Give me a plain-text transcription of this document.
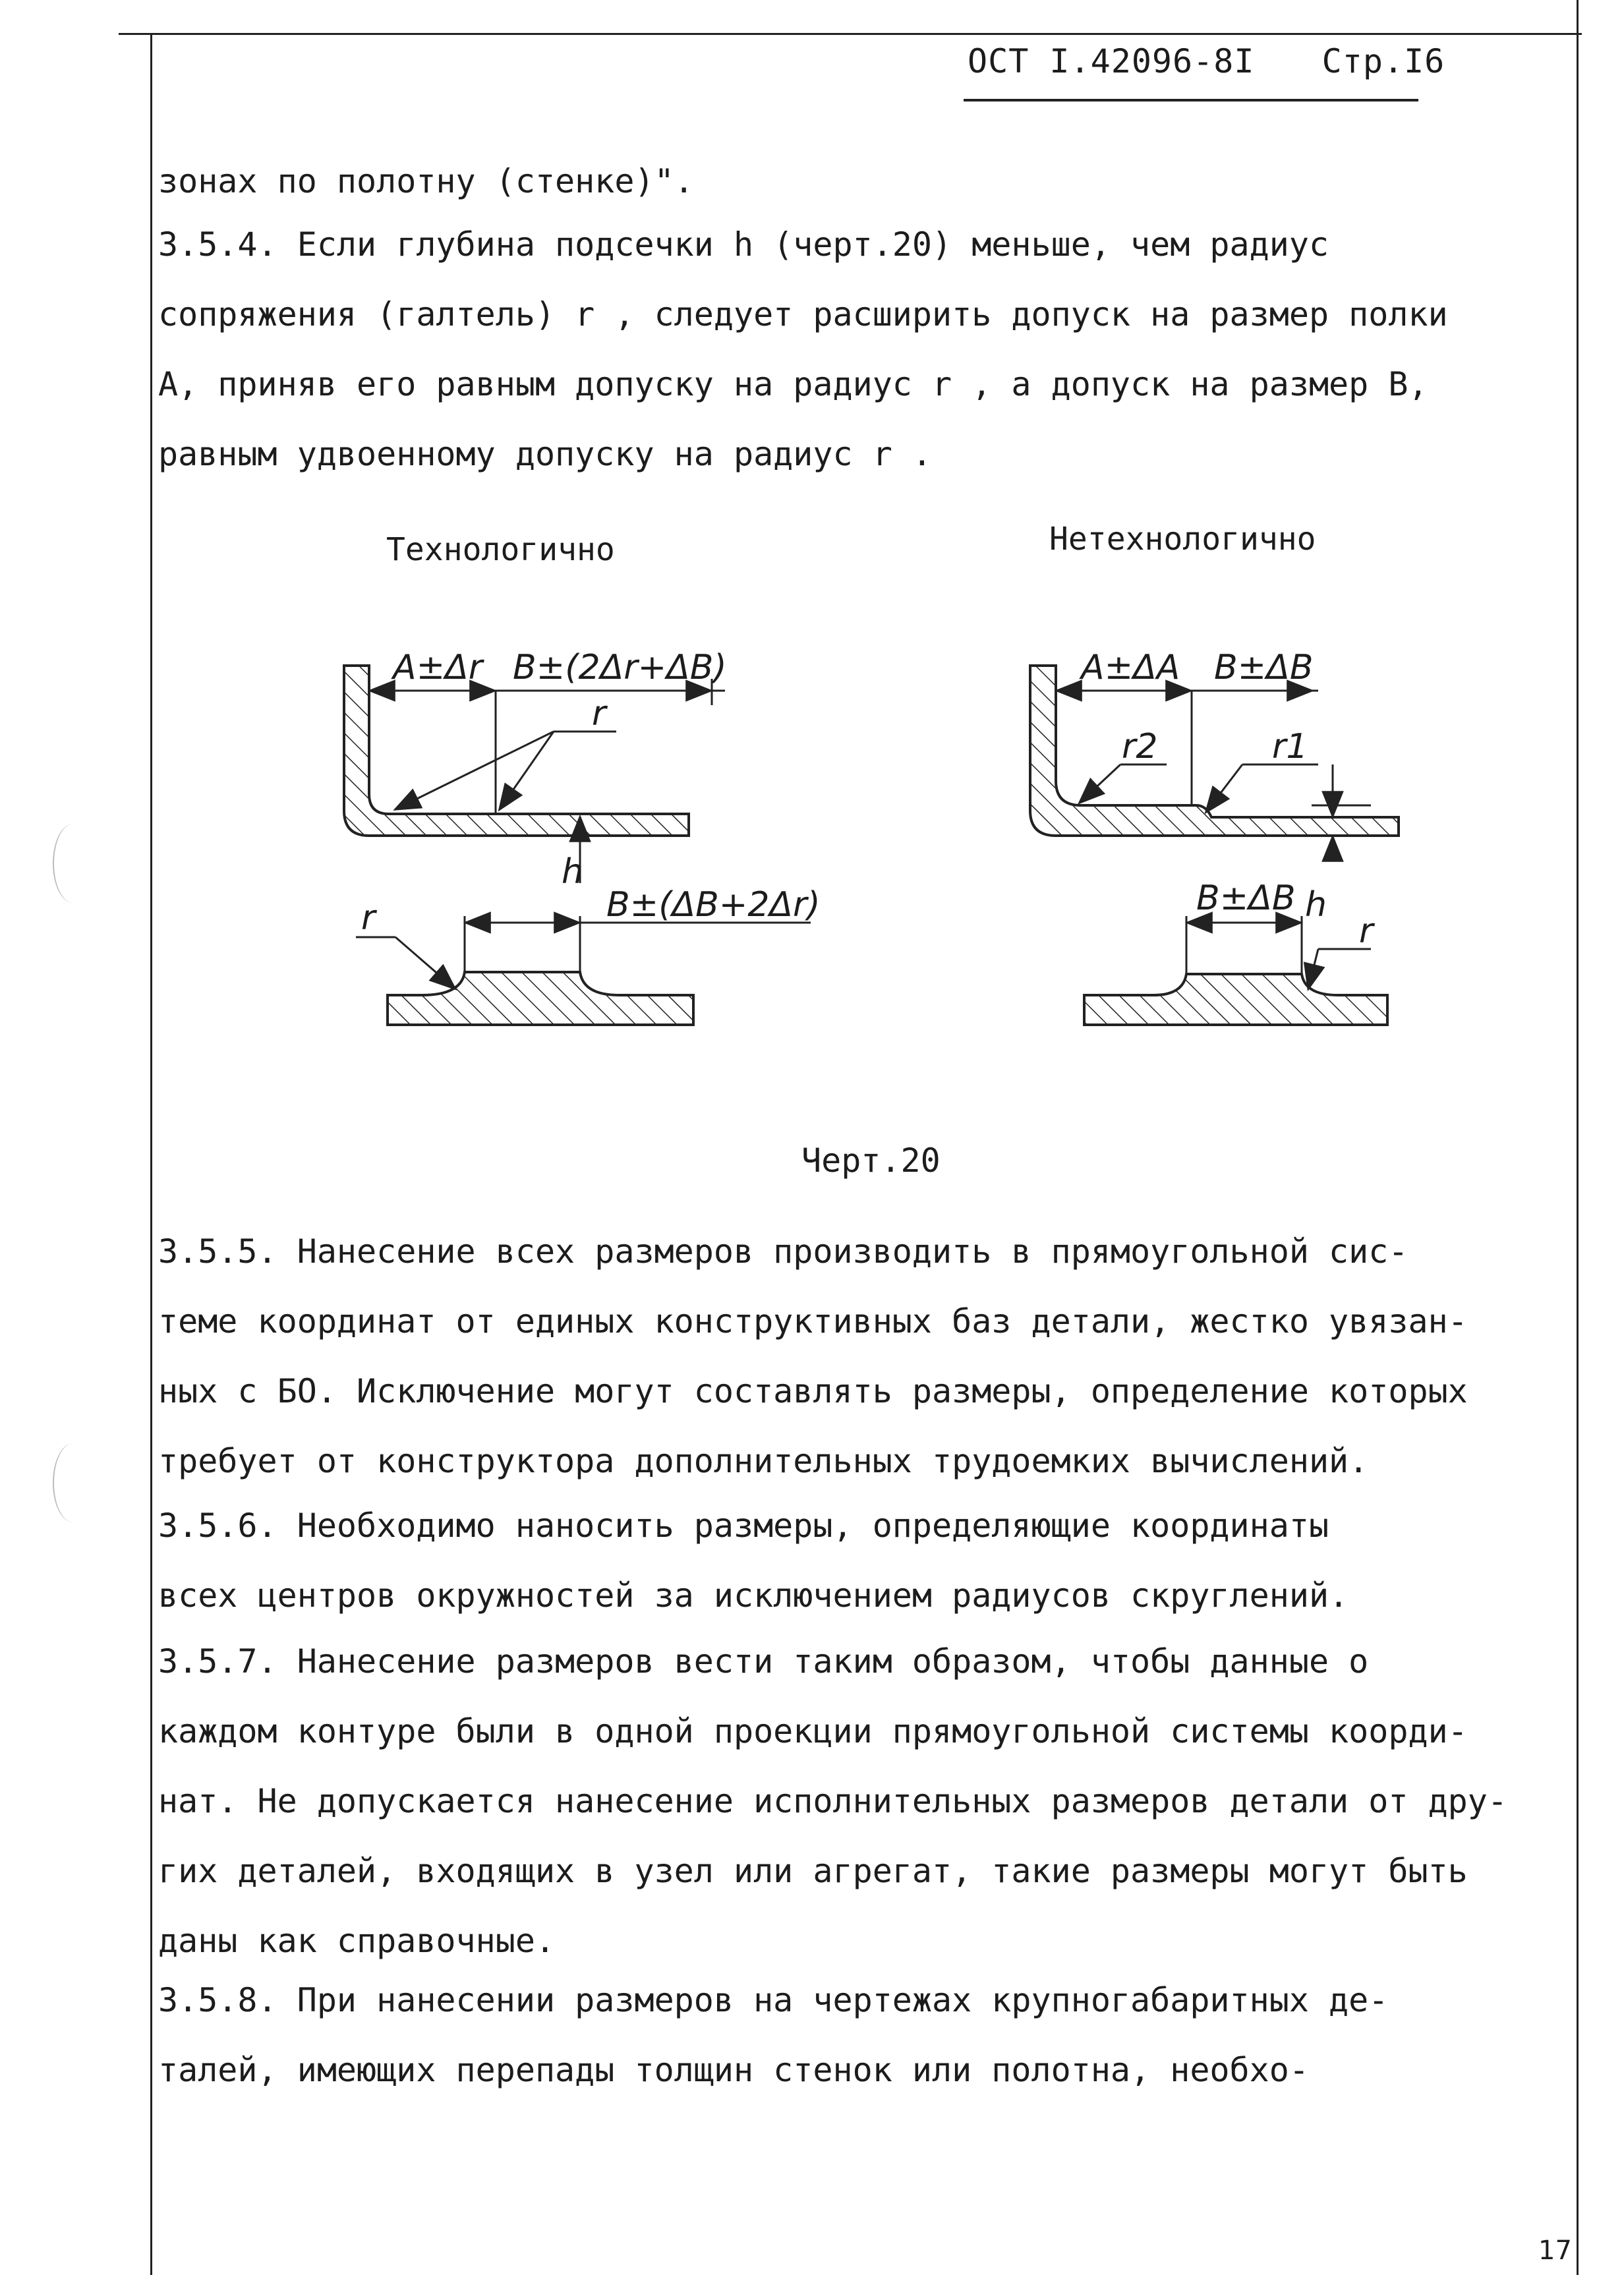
ОСТ I.42096-8I Стр.I6
зонах по полотну (стенке)".
3.5.4. Если глубина подсечки h (черт.20) меньше, чем радиус
сопряжения (галтель) r , следует расширить допуск на размер полки
А, приняв его равным допуску на радиус r , а допуск на размер В,
равным удвоенному допуску на радиус r .
Технологично	Нетехнологично
A±Δr B±(2Δr+ΔB)
r
h
B±(ΔB+2Δr)
r
A±ΔA B±ΔB
r2	r1
B±ΔB h
r
Черт.20
3.5.5. Нанесение всех размеров производить в прямоугольной сис-
теме координат от единых конструктивных баз детали, жестко увязан-
ных с БО. Исключение могут составлять размеры, определение которых
требует от конструктора дополнительных трудоемких вычислений.
3.5.6. Необходимо наносить размеры, определяющие координаты
всех центров окружностей за исключением радиусов скруглений.
3.5.7. Нанесение размеров вести таким образом, чтобы данные о
каждом контуре были в одной проекции прямоугольной системы коорди-
нат. Не допускается нанесение исполнительных размеров детали от дру-
гих деталей, входящих в узел или агрегат, такие размеры могут быть
даны как справочные.
3.5.8. При нанесении размеров на чертежах крупногабаритных де-
талей, имеющих перепады толщин стенок или полотна, необхо-
17
